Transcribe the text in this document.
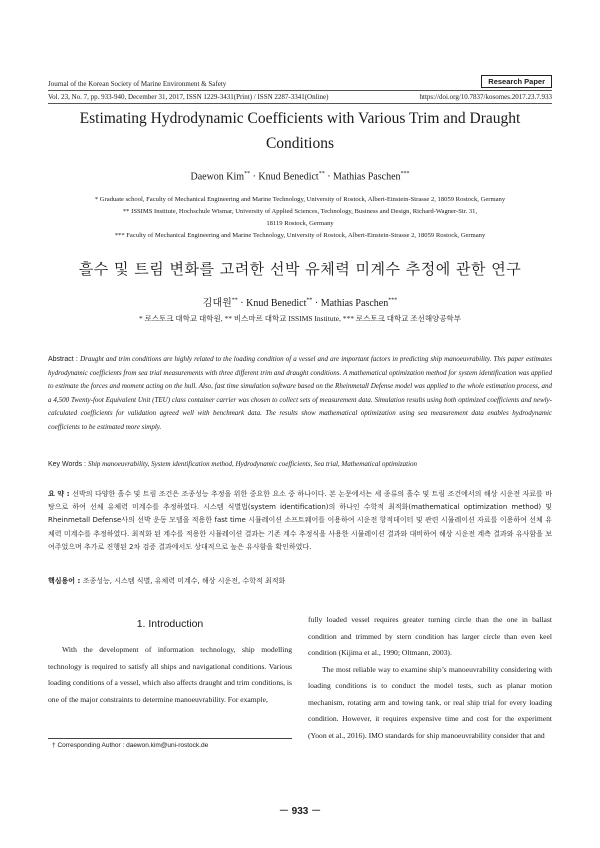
Journal of the Korean Society of Marine Environment & Safety	Research Paper
Vol. 23, No. 7, pp. 933-940, December 31, 2017, ISSN 1229-3431(Print) / ISSN 2287-3341(Online)	https://doi.org/10.7837/kosomes.2017.23.7.933
Estimating Hydrodynamic Coefficients with Various Trim and Draught
Conditions
Daewon Kim** · Knud Benedict** · Mathias Paschen***
* Graduate school, Faculty of Mechanical Engineering and Marine Technology, University of Rostock, Albert-Einstein-Strasse 2, 18059 Rostock, Germany
** ISSIMS Institute, Hochschule Wismar, University of Applied Sciences, Technology, Business and Design, Richard-Wagner-Str. 31,
18119 Rostock, Germany
*** Faculty of Mechanical Engineering and Marine Technology, University of Rostock, Albert-Einstein-Strasse 2, 18059 Rostock, Germany
흘수 및 트림 변화를 고려한 선박 유체력 미계수 추정에 관한 연구
김대원** · Knud Benedict** · Mathias Paschen***
* 로스토크 대학교 대학원, ** 비스마르 대학교 ISSIMS Institute, *** 로스토크 대학교 조선해양공학부
Abstract : Draught and trim conditions are highly related to the loading condition of a vessel and are important factors in predicting ship manoeuvrability. This paper estimates hydrodynamic coefficients from sea trial measurements with three different trim and draught conditions. A mathematical optimization method for system identification was applied to estimate the forces and moment acting on the hull. Also, fast time simulation software based on the Rheinmetall Defense model was applied to the whole estimation process, and a 4,500 Twenty-foot Equivalent Unit (TEU) class container carrier was chosen to collect sets of measurement data. Simulation results using both optimized coefficients and newly-calculated coefficients for validation agreed well with benchmark data. The results show mathematical optimization using sea measurement data enables hydrodynamic coefficients to be estimated more simply.
Key Words : Ship manoeuvrability, System identification method, Hydrodynamic coefficients, Sea trial, Mathematical optimization
요 약 : 선박의 다양한 흘수 및 트림 조건은 조종성능 추정을 위한 중요한 요소 중 하나이다. 본 논문에서는 세 종류의 흘수 및 트림 조건에서의 해상 시운전 자료를 바탕으로 하여 선체 유체력 미계수를 추정하였다. 시스템 식별법(system identification)의 하나인 수학적 최적화(mathematical optimization method) 및 Rheinmetall Defense사의 선박 운동 모델을 적용한 fast time 시뮬레이션 소프트웨어를 이용하여 시운전 항적데이터 및 관련 시뮬레이션 자료를 이용하여 선체 유체력 미계수를 추정하였다. 최적화 된 계수를 적용한 시뮬레이션 결과는 기존 계수 추정식을 사용한 시뮬레이션 결과와 대비하여 해상 시운전 계측 결과와 유사함을 보여주었으며 추가로 진행된 2차 검증 결과에서도 상대적으로 높은 유사함을 확인하였다.
핵심용어 : 조종성능, 시스템 식별, 유체력 미계수, 해상 시운전, 수학적 최적화
1. Introduction

With the development of information technology, ship modelling technology is required to satisfy all ships and navigational conditions. Various loading conditions of a vessel, which also affects draught and trim conditions, is one of the major constraints to determine manoeuvrability. For example,

fully loaded vessel requires greater turning circle than the one in ballast condition and trimmed by stern condition has larger circle than even keel condition (Kijima et al., 1990; Oltmann, 2003).

The most reliable way to examine ship’s manoeuvrability considering with loading conditions is to conduct the model tests, such as planar motion mechanism, rotating arm and towing tank, or real ship trial for every loading condition. However, it requires expensive time and cost for the experiment (Yoon et al., 2016). IMO standards for ship manoeuvrability consider that and

† Corresponding Author : daewon.kim@uni-rostock.de
－ 933 －
